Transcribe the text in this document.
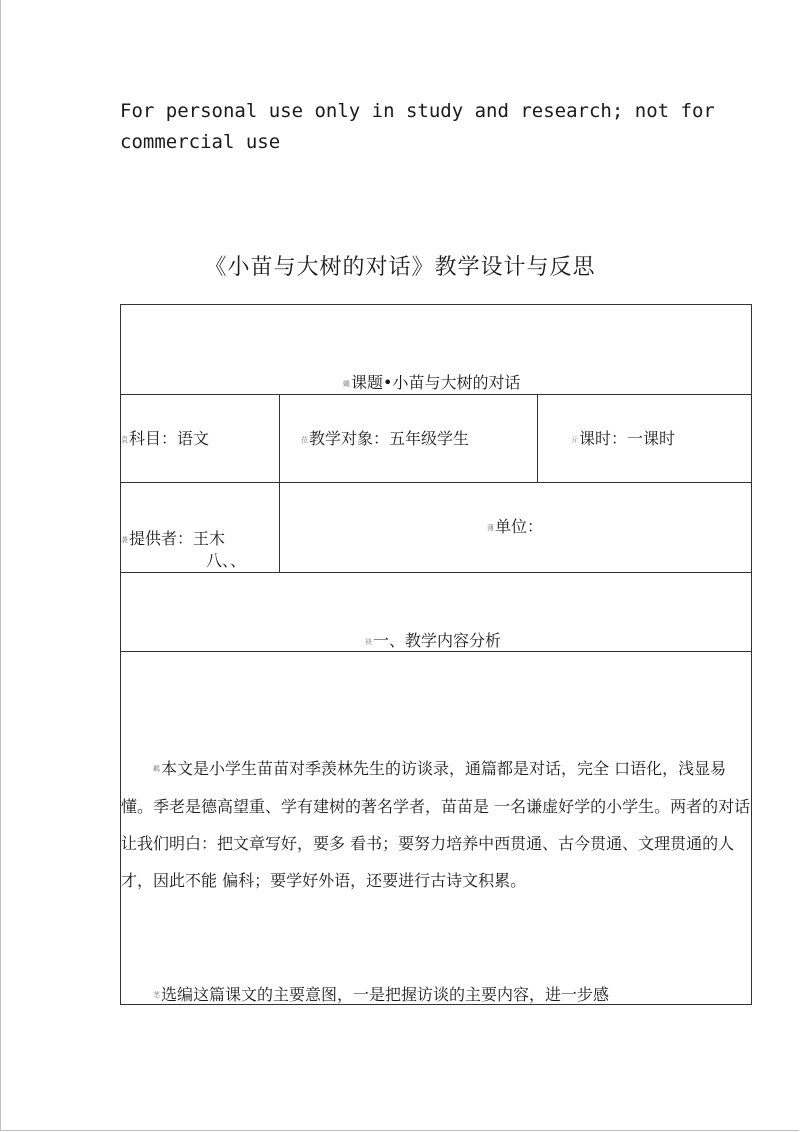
For personal use only in study and research; not for
commercial use
《小苗与大树的对话》教学设计与反思
蝿课题•小苗与大树的对话
袁科目：语文	莅教学对象：五年级学生	亓课时：一课时
袭提供者：王木
八、、
薄单位：
袂一、教学内容分析
羁本文是小学生苗苗对季羡林先生的访谈录，通篇都是对话，完全 口语化，浅显易懂。季老是德高望重、学有建树的著名学者，苗苗是 一名谦虚好学的小学生。两者的对话让我们明白：把文章写好，要多 看书；要努力培养中西贯通、古今贯通、文理贯通的人才，因此不能 偏科；要学好外语，还要进行古诗文积累。
芼选编这篇课文的主要意图，一是把握访谈的主要内容，进一步感
